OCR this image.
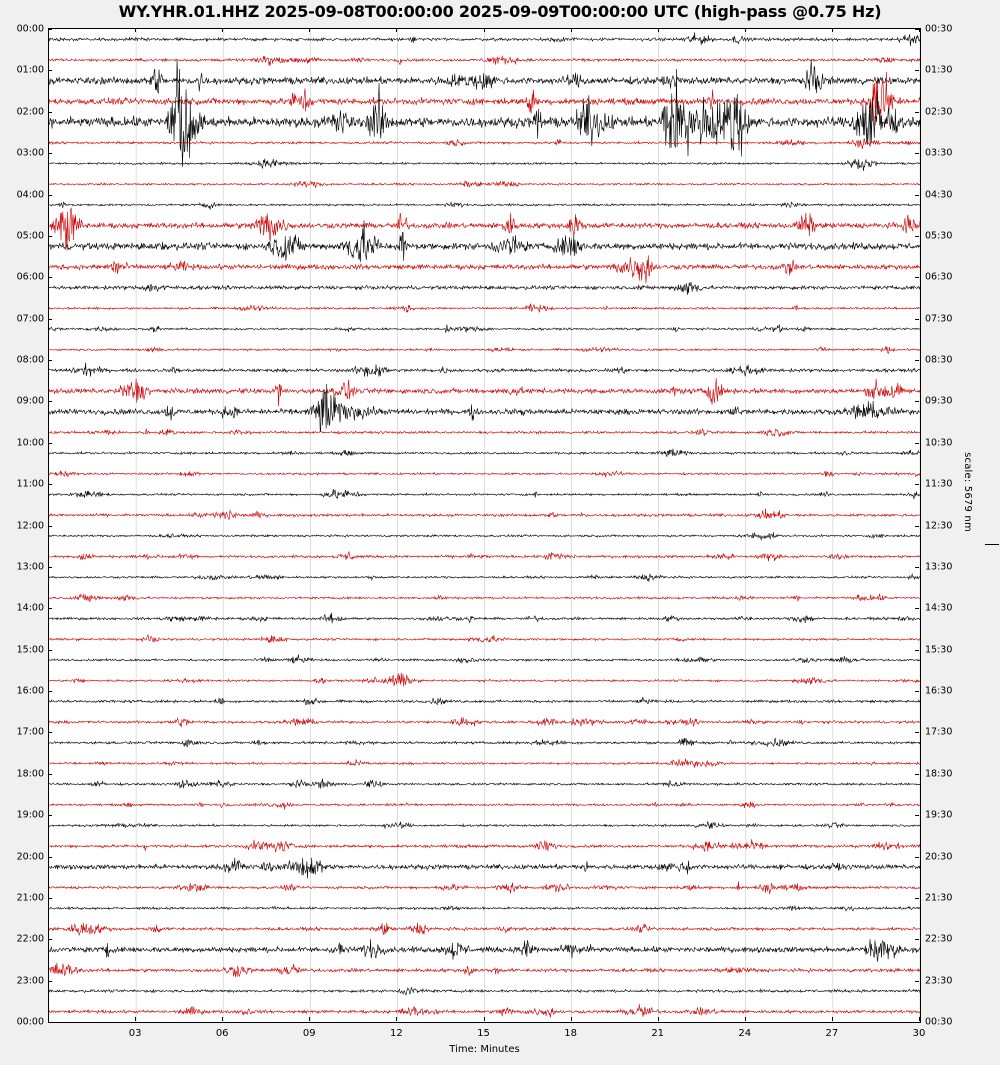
WY.YHR.01.HHZ 2025-09-08T00:00:00 2025-09-09T00:00:00 UTC (high-pass @0.75 Hz)
00:00
01:00
02:00
03:00
04:00
05:00
06:00
07:00
08:00
09:00
10:00
11:00
12:00
13:00
14:00
15:00
16:00
17:00
18:00
19:00
20:00
21:00
22:00
23:00
00:00
00:30
01:30
02:30
03:30
04:30
05:30
06:30
07:30
08:30
09:30
10:30
11:30
12:30
13:30
14:30
15:30
16:30
17:30
18:30
19:30
20:30
21:30
22:30
23:30
00:30
03	06	09	12	15	18	21	24	27	30
Time: Minutes
scale: 5679 nm
